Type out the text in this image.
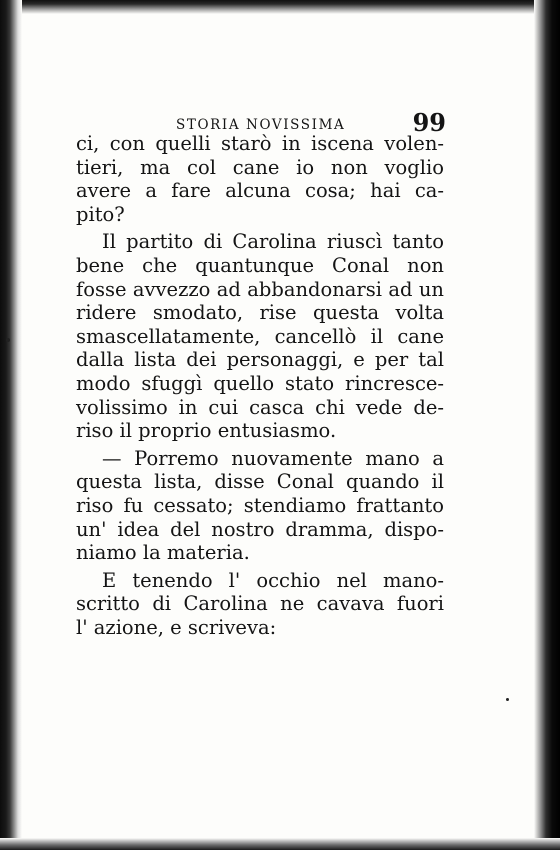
STORIA NOVISSIMA	99
ci, con quelli starò in iscena volen-
tieri, ma col cane io non voglio
avere a fare alcuna cosa; hai ca-
pito?
Il partito di Carolina riuscì tanto
bene che quantunque Conal non
fosse avvezzo ad abbandonarsi ad un
ridere smodato, rise questa volta
smascellatamente, cancellò il cane
dalla lista dei personaggi, e per tal
modo sfuggì quello stato rincresce-
volissimo in cui casca chi vede de-
riso il proprio entusiasmo.
— Porremo nuovamente mano a
questa lista, disse Conal quando il
riso fu cessato; stendiamo frattanto
un' idea del nostro dramma, dispo-
niamo la materia.
E tenendo l' occhio nel mano-
scritto di Carolina ne cavava fuori
l' azione, e scriveva:
